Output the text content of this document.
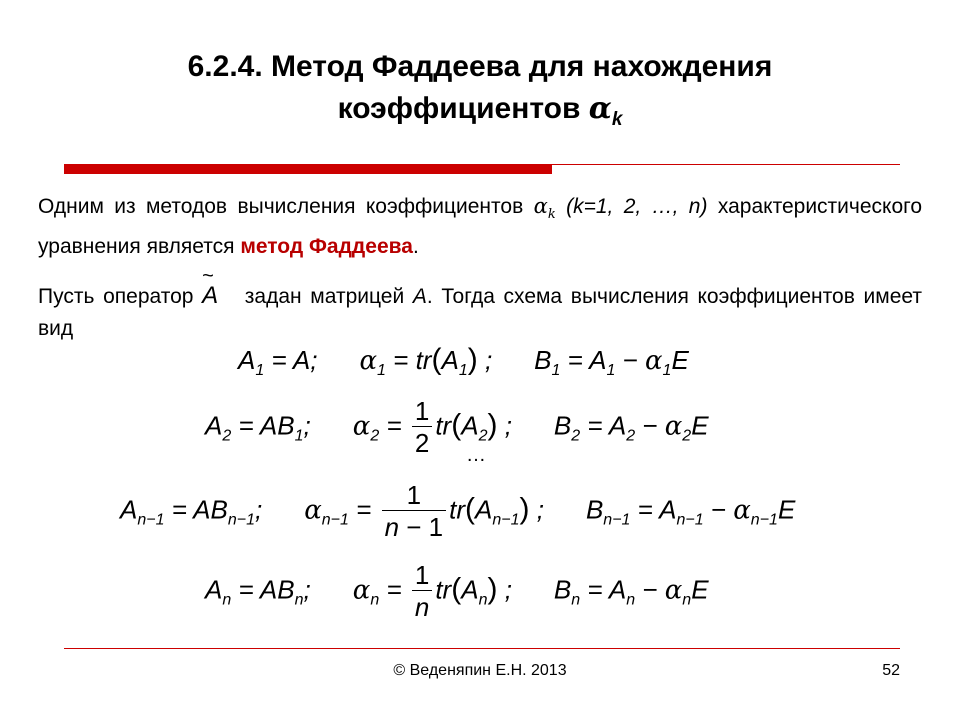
6.2.4. Метод Фаддеева для нахождения
коэффициентов $\alpha_k$
Одним из методов вычисления коэффициентов $\alpha_k$ (k=1, 2, …, n) характеристического уравнения является метод Фаддеева.
Пусть оператор
~
A задан матрицей A. Тогда схема вычисления коэффициентов имеет вид
$A_1 = A$; $\alpha_1 = tr(A_1)$ ; $B_1 = A_1 - \alpha_1E$
$A_2 = AB_1$; $\alpha_2 = \frac{1}{2} tr(A_2)$ ; $B_2 = A_2 - \alpha_2E$
…
$A_{n-1} = AB_{n-1}$; $\alpha_{n-1} = \frac{1}{n - 1} tr(A_{n-1})$ ; $B_{n-1} = A_{n-1} - \alpha_{n-1}E$
$A_n = AB_n$; $\alpha_n = \frac{1}{n} tr(A_n)$ ; $B_n = A_n - \alpha_nE$
© Веденяпин Е.Н. 2013	52
